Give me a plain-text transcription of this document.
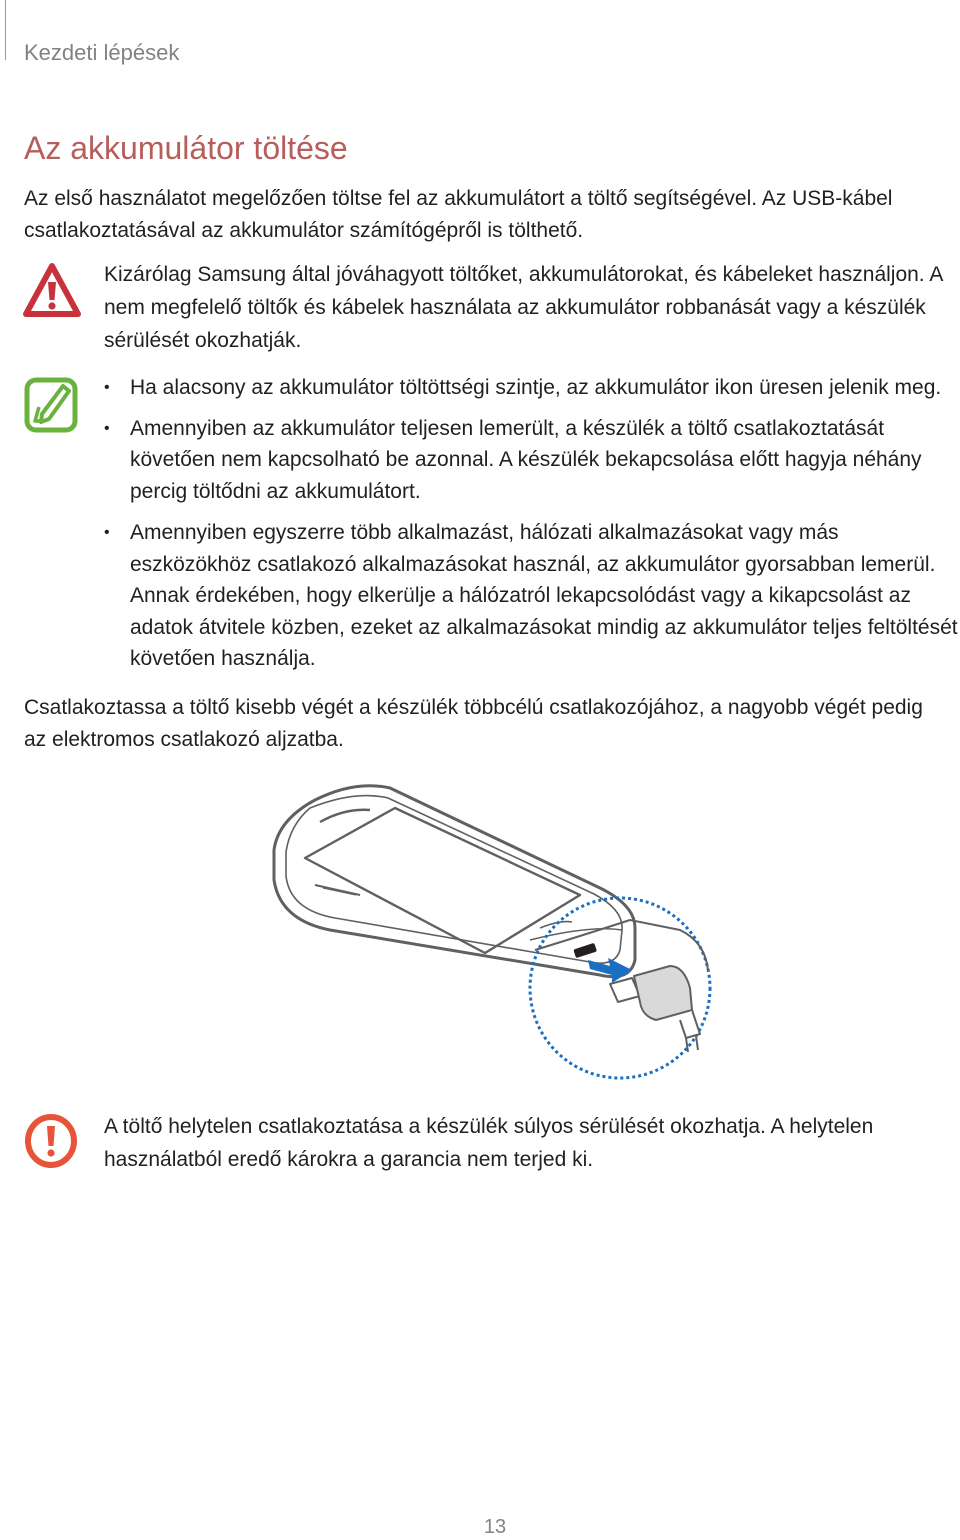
Kezdeti lépések

Az akkumulátor töltése

Az első használatot megelőzően töltse fel az akkumulátort a töltő segítségével. Az USB-kábel csatlakoztatásával az akkumulátor számítógépről is tölthető.

Kizárólag Samsung által jóváhagyott töltőket, akkumulátorokat, és kábeleket használjon. A nem megfelelő töltők és kábelek használata az akkumulátor robbanását vagy a készülék sérülését okozhatják.

• Ha alacsony az akkumulátor töltöttségi szintje, az akkumulátor ikon üresen jelenik meg.
• Amennyiben az akkumulátor teljesen lemerült, a készülék a töltő csatlakoztatását követően nem kapcsolható be azonnal. A készülék bekapcsolása előtt hagyja néhány percig töltődni az akkumulátort.
• Amennyiben egyszerre több alkalmazást, hálózati alkalmazásokat vagy más eszközökhöz csatlakozó alkalmazásokat használ, az akkumulátor gyorsabban lemerül. Annak érdekében, hogy elkerülje a hálózatról lekapcsolódást vagy a kikapcsolást az adatok átvitele közben, ezeket az alkalmazásokat mindig az akkumulátor teljes feltöltését követően használja.

Csatlakoztassa a töltő kisebb végét a készülék többcélú csatlakozójához, a nagyobb végét pedig az elektromos csatlakozó aljzatba.

A töltő helytelen csatlakoztatása a készülék súlyos sérülését okozhatja. A helytelen használatból eredő károkra a garancia nem terjed ki.

13
